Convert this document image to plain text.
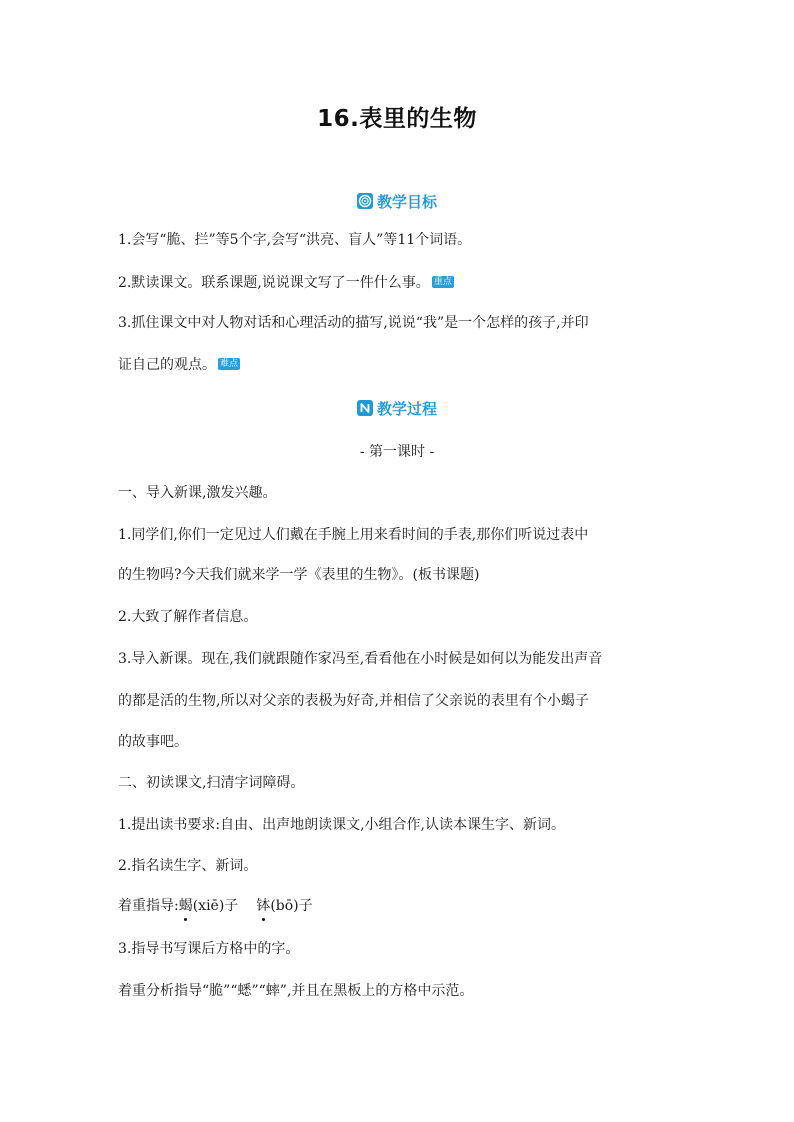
16.表里的生物
教学目标
1.会写“脆、拦”等5个字,会写“洪亮、盲人”等11个词语。
2.默读课文。联系课题,说说课文写了一件什么事。 重点
3.抓住课文中对人物对话和心理活动的描写,说说“我”是一个怎样的孩子,并印
证自己的观点。 难点
教学过程
- 第一课时 -
一、导入新课,激发兴趣。
1.同学们,你们一定见过人们戴在手腕上用来看时间的手表,那你们听说过表中
的生物吗?今天我们就来学一学《表里的生物》。(板书课题)
2.大致了解作者信息。
3.导入新课。现在,我们就跟随作家冯至,看看他在小时候是如何以为能发出声音
的都是活的生物,所以对父亲的表极为好奇,并相信了父亲说的表里有个小蝎子
的故事吧。
二、初读课文,扫清字词障碍。
1.提出读书要求:自由、出声地朗读课文,小组合作,认读本课生字、新词。
2.指名读生字、新词。
着重指导:蝎(xiē)子 钵(bō)子
3.指导书写课后方格中的字。
着重分析指导“脆”“蟋”“蟀”,并且在黑板上的方格中示范。
